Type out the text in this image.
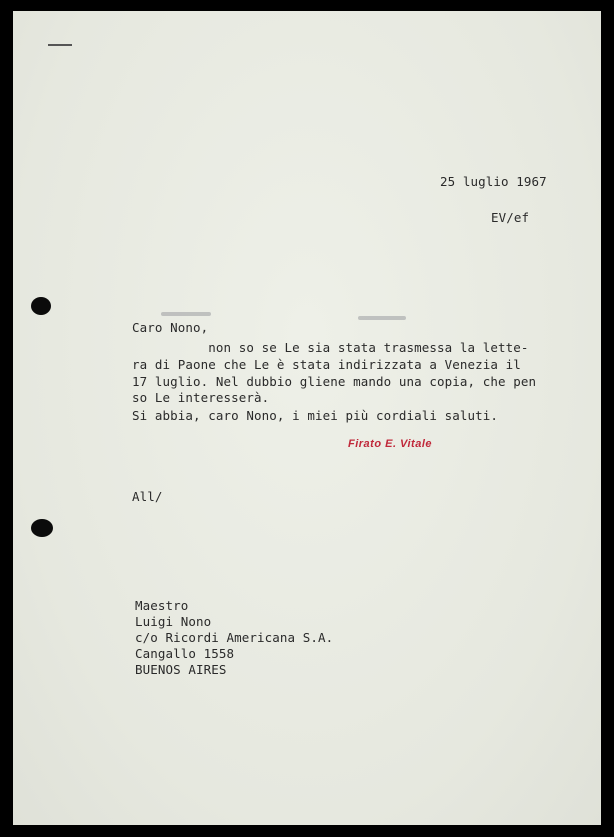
25 luglio 1967
EV/ef
Caro Nono,
non so se Le sia stata trasmessa la lette-
ra di Paone che Le è stata indirizzata a Venezia il
17 luglio. Nel dubbio gliene mando una copia, che pen
so Le interesserà.
Si abbia, caro Nono, i miei più cordiali saluti.
Firato E. Vitale
All/
Maestro
Luigi Nono
c/o Ricordi Americana S.A.
Cangallo 1558
BUENOS AIRES
